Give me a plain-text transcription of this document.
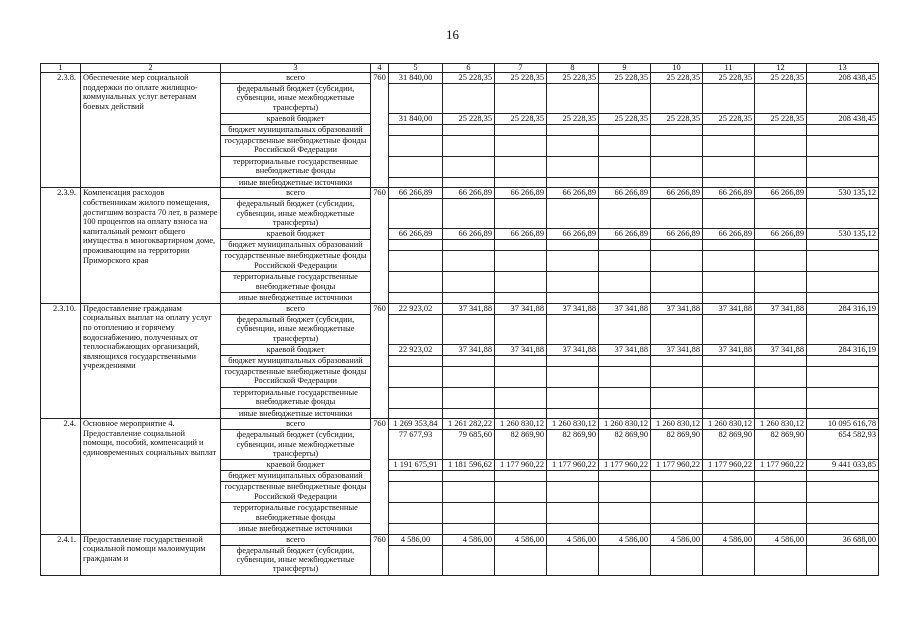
16
1	2	3	4	5	6	7	8	9	10	11	12	13
2.3.8.	Обеспечение мер социальной поддержки по оплате жилищно-коммунальных услуг ветеранам боевых действий	всего	760	31 840,00	25 228,35	25 228,35	25 228,35	25 228,35	25 228,35	25 228,35	25 228,35	208 438,45
		федеральный бюджет (субсидии, субвенции, иные межбюджетные трансферты)										
		краевой бюджет		31 840,00	25 228,35	25 228,35	25 228,35	25 228,35	25 228,35	25 228,35	25 228,35	208 438,45
		бюджет муниципальных образований										
		государственные внебюджетные фонды Российской Федерации										
		территориальные государственные внебюджетные фонды										
		иные внебюджетные источники										
2.3.9.	Компенсация расходов собственникам жилого помещения, достигшим возраста 70 лет, в размере 100 процентов на оплату взноса на капитальный ремонт общего имущества в многоквартирном доме, проживающим на территории Приморского края	всего	760	66 266,89	66 266,89	66 266,89	66 266,89	66 266,89	66 266,89	66 266,89	66 266,89	530 135,12
		федеральный бюджет (субсидии, субвенции, иные межбюджетные трансферты)										
		краевой бюджет		66 266,89	66 266,89	66 266,89	66 266,89	66 266,89	66 266,89	66 266,89	66 266,89	530 135,12
		бюджет муниципальных образований										
		государственные внебюджетные фонды Российской Федерации										
		территориальные государственные внебюджетные фонды										
		иные внебюджетные источники										
2.3.10.	Предоставление гражданам социальных выплат на оплату услуг по отоплению и горячему водоснабжению, полученных от теплоснабжающих организаций, являющихся государственными учреждениями	всего	760	22 923,02	37 341,88	37 341,88	37 341,88	37 341,88	37 341,88	37 341,88	37 341,88	284 316,19
		федеральный бюджет (субсидии, субвенции, иные межбюджетные трансферты)										
		краевой бюджет		22 923,02	37 341,88	37 341,88	37 341,88	37 341,88	37 341,88	37 341,88	37 341,88	284 316,19
		бюджет муниципальных образований										
		государственные внебюджетные фонды Российской Федерации										
		территориальные государственные внебюджетные фонды										
		иные внебюджетные источники										
2.4.	Основное мероприятие 4. Предоставление социальной помощи, пособий, компенсаций и единовременных социальных выплат	всего	760	1 269 353,84	1 261 282,22	1 260 830,12	1 260 830,12	1 260 830,12	1 260 830,12	1 260 830,12	1 260 830,12	10 095 616,78
		федеральный бюджет (субсидии, субвенции, иные межбюджетные трансферты)		77 677,93	79 685,60	82 869,90	82 869,90	82 869,90	82 869,90	82 869,90	82 869,90	654 582,93
		краевой бюджет		1 191 675,91	1 181 596,62	1 177 960,22	1 177 960,22	1 177 960,22	1 177 960,22	1 177 960,22	1 177 960,22	9 441 033,85
		бюджет муниципальных образований										
		государственные внебюджетные фонды Российской Федерации										
		территориальные государственные внебюджетные фонды										
		иные внебюджетные источники										
2.4.1.	Предоставление государственной социальной помощи малоимущим гражданам и	всего	760	4 586,00	4 586,00	4 586,00	4 586,00	4 586,00	4 586,00	4 586,00	4 586,00	36 688,00
		федеральный бюджет (субсидии, субвенции, иные межбюджетные трансферты)										
